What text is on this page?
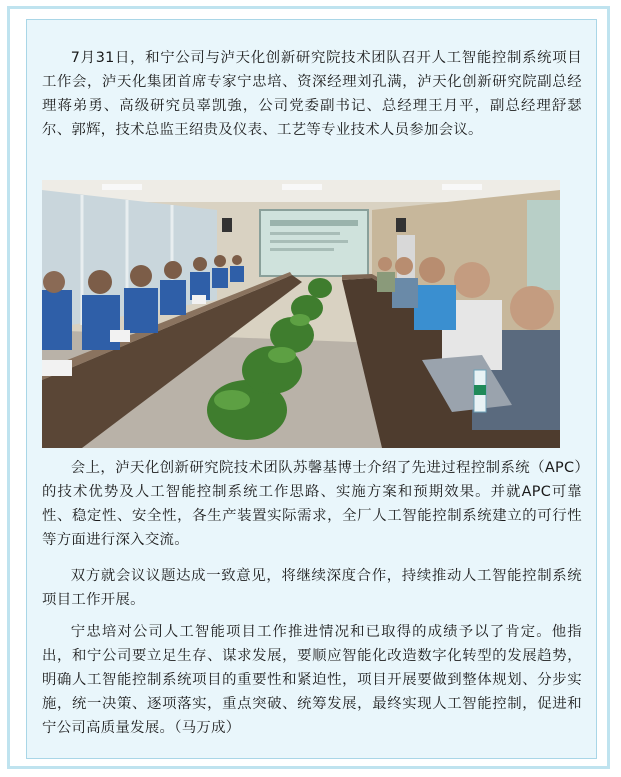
7月31日，和宁公司与泸天化创新研究院技术团队召开人工智能控制系统项目工作会，泸天化集团首席专家宁忠培、资深经理刘孔满，泸天化创新研究院副总经理蒋弟勇、高级研究员辜凯強，公司党委副书记、总经理王月平，副总经理舒瑟尔、郭辉，技术总监王绍贵及仪表、工艺等专业技术人员参加会议。

会上，泸天化创新研究院技术团队苏馨基博士介绍了先进过程控制系统（APC）的技术优势及人工智能控制系统工作思路、实施方案和预期效果。并就APC可靠性、稳定性、安全性，各生产装置实际需求，全厂人工智能控制系统建立的可行性等方面进行深入交流。

双方就会议议题达成一致意见，将继续深度合作，持续推动人工智能控制系统项目工作开展。

宁忠培对公司人工智能项目工作推进情况和已取得的成绩予以了肯定。他指出，和宁公司要立足生存、谋求发展，要顺应智能化改造数字化转型的发展趋势，明确人工智能控制系统项目的重要性和紧迫性，项目开展要做到整体规划、分步实施，统一决策、逐项落实，重点突破、统筹发展，最终实现人工智能控制，促进和宁公司高质量发展。（马万成）
